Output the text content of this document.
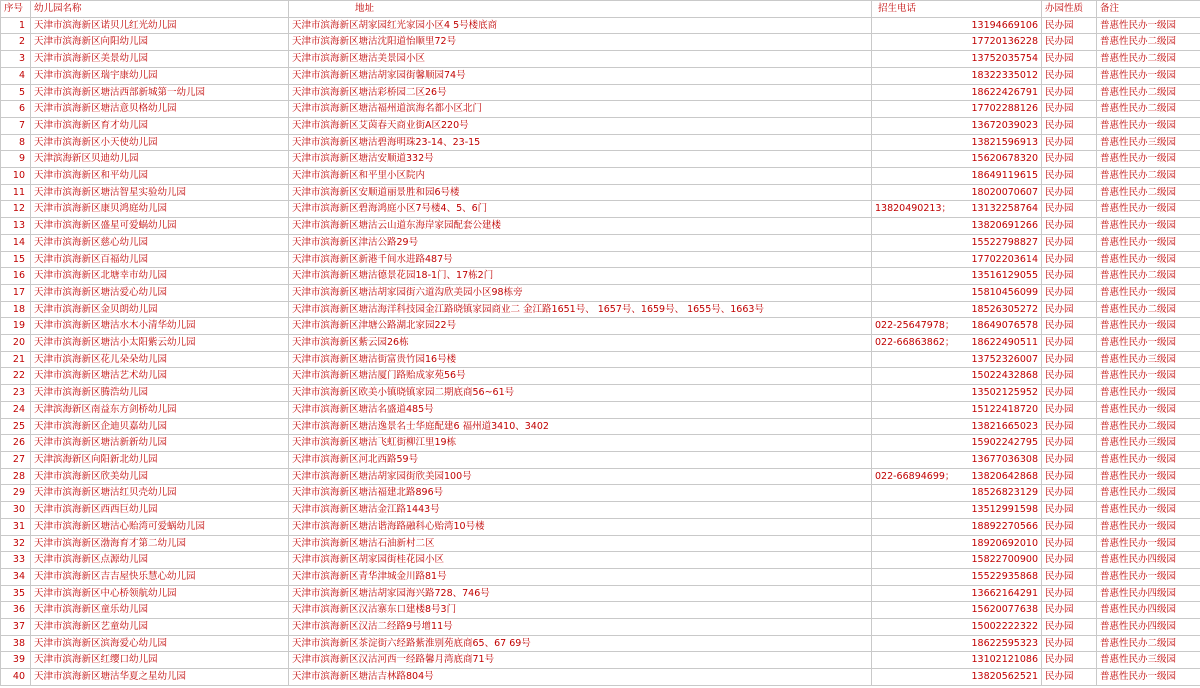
序号	幼儿园名称	地址	招生电话	办园性质	备注
1	天津市滨海新区诺贝儿红光幼儿园	天津市滨海新区胡家园红光家园小区4 5号楼底商	13194669106	民办园	普惠性民办一级园
2	天津市滨海新区向阳幼儿园	天津市滨海新区塘沽沈阳道怡顺里72号	17720136228	民办园	普惠性民办二级园
3	天津市滨海新区美景幼儿园	天津市滨海新区塘沽美景园小区	13752035754	民办园	普惠性民办二级园
4	天津市滨海新区瑞宇康幼儿园	天津市滨海新区塘沽胡家园街馨顺园74号	18322335012	民办园	普惠性民办一级园
5	天津市滨海新区塘沽西部新城第一幼儿园	天津市滨海新区塘沽彩桥园二区26号	18622426791	民办园	普惠性民办二级园
6	天津市滨海新区塘沽意贝格幼儿园	天津市滨海新区塘沽福州道滨海名都小区北门	17702288126	民办园	普惠性民办二级园
7	天津市滨海新区育才幼儿园	天津市滨海新区艾茵春天商业街A区220号	13672039023	民办园	普惠性民办一级园
8	天津市滨海新区小天使幼儿园	天津市滨海新区塘沽碧海明珠23-14、23-15	13821596913	民办园	普惠性民办三级园
9	天津滨海新区贝迪幼儿园	天津市滨海新区塘沽安顺道332号	15620678320	民办园	普惠性民办一级园
10	天津市滨海新区和平幼儿园	天津市滨海新区和平里小区院内	18649119615	民办园	普惠性民办二级园
11	天津市滨海新区塘沽智星实验幼儿园	天津市滨海新区安顺道丽景胜和园6号楼	18020070607	民办园	普惠性民办二级园
12	天津市滨海新区康贝鸿庭幼儿园	天津市滨海新区碧海鸿庭小区7号楼4、5、6门	13820490213； 13132258764	民办园	普惠性民办一级园
13	天津市滨海新区盛星可爱蜗幼儿园	天津市滨海新区塘沽云山道东海岸家园配套公建楼	13820691266	民办园	普惠性民办一级园
14	天津市滨海新区慈心幼儿园	天津市滨海新区津沽公路29号	15522798827	民办园	普惠性民办一级园
15	天津市滨海新区百福幼儿园	天津市滨海新区新港千间水进路487号	17702203614	民办园	普惠性民办一级园
16	天津市滨海新区北塘幸市幼儿园	天津市滨海新区塘沽德景花园18-1门、17栋2门	13516129055	民办园	普惠性民办二级园
17	天津市滨海新区塘沽爱心幼儿园	天津市滨海新区塘沽胡家园街六道沟欣美园小区98栋旁	15810456099	民办园	普惠性民办一级园
18	天津市滨海新区金贝朗幼儿园	天津市滨海新区塘沽海洋科技园金江路晓镇家园商业二 金江路1651号、 1657号、1659号、 1655号、1663号	18526305272	民办园	普惠性民办二级园
19	天津市滨海新区塘沽水木小清华幼儿园	天津市滨海新区津塘公路湖北家园22号	022-25647978； 18649076578	民办园	普惠性民办一级园
20	天津市滨海新区塘沽小太阳紫云幼儿园	天津市滨海新区紫云园26栋	022-66863862； 18622490511	民办园	普惠性民办一级园
21	天津市滨海新区花儿朵朵幼儿园	天津市滨海新区塘沽街富贵竹园16号楼	13752326007	民办园	普惠性民办三级园
22	天津市滨海新区塘沽艺术幼儿园	天津市滨海新区塘沽厦门路贻成家苑56号	15022432868	民办园	普惠性民办一级园
23	天津市滨海新区腾浩幼儿园	天津市滨海新区欧美小镇晓镇家园二期底商56~61号	13502125952	民办园	普惠性民办一级园
24	天津滨海新区南益东方剑桥幼儿园	天津市滨海新区塘沽名盛道485号	15122418720	民办园	普惠性民办一级园
25	天津市滨海新区企迪贝嘉幼儿园	天津市滨海新区塘沽逸景名士华庭配建6 福州道3410、3402	13821665023	民办园	普惠性民办二级园
26	天津市滨海新区塘沽新新幼儿园	天津市滨海新区塘沽飞虹街柳江里19栋	15902242795	民办园	普惠性民办三级园
27	天津滨海新区向阳新北幼儿园	天津市滨海新区河北西路59号	13677036308	民办园	普惠性民办一级园
28	天津市滨海新区欣美幼儿园	天津市滨海新区塘沽胡家园街欣美园100号	022-66894699； 13820642868	民办园	普惠性民办一级园
29	天津市滨海新区塘沽红贝壳幼儿园	天津市滨海新区塘沽福建北路896号	18526823129	民办园	普惠性民办二级园
30	天津市滨海新区西西巨幼儿园	天津市滨海新区塘沽金江路1443号	13512991598	民办园	普惠性民办一级园
31	天津市滨海新区塘沽心贻湾可爱蜗幼儿园	天津市滨海新区塘沽谐海路融科心贻湾10号楼	18892270566	民办园	普惠性民办一级园
32	天津市滨海新区渤海育才第二幼儿园	天津市滨海新区塘沽石油新村二区	18920692010	民办园	普惠性民办一级园
33	天津市滨海新区点源幼儿园	天津市滨海新区胡家园街桂花园小区	15822700900	民办园	普惠性民办四级园
34	天津市滨海新区吉吉屋快乐慧心幼儿园	天津市滨海新区青华津城金川路81号	15522935868	民办园	普惠性民办一级园
35	天津市滨海新区中心桥领航幼儿园	天津市滨海新区塘沽胡家园海兴路728、746号	13662164291	民办园	普惠性民办四级园
36	天津市滨海新区童乐幼儿园	天津市滨海新区汉沽寨东口建楼8号3门	15620077638	民办园	普惠性民办四级园
37	天津市滨海新区艺童幼儿园	天津市滨海新区汉沽二经路9号增11号	15002222322	民办园	普惠性民办四级园
38	天津市滨海新区滨海爱心幼儿园	天津市滨海新区茶淀街六经路紫淮别苑底商65、67 69号	18622595323	民办园	普惠性民办二级园
39	天津市滨海新区红缨口幼儿园	天津市滨海新区汉沽河西一经路馨月湾底商71号	13102121086	民办园	普惠性民办三级园
40	天津市滨海新区塘沽华夏之星幼儿园	天津市滨海新区塘沽吉林路804号	13820562521	民办园	普惠性民办一级园
